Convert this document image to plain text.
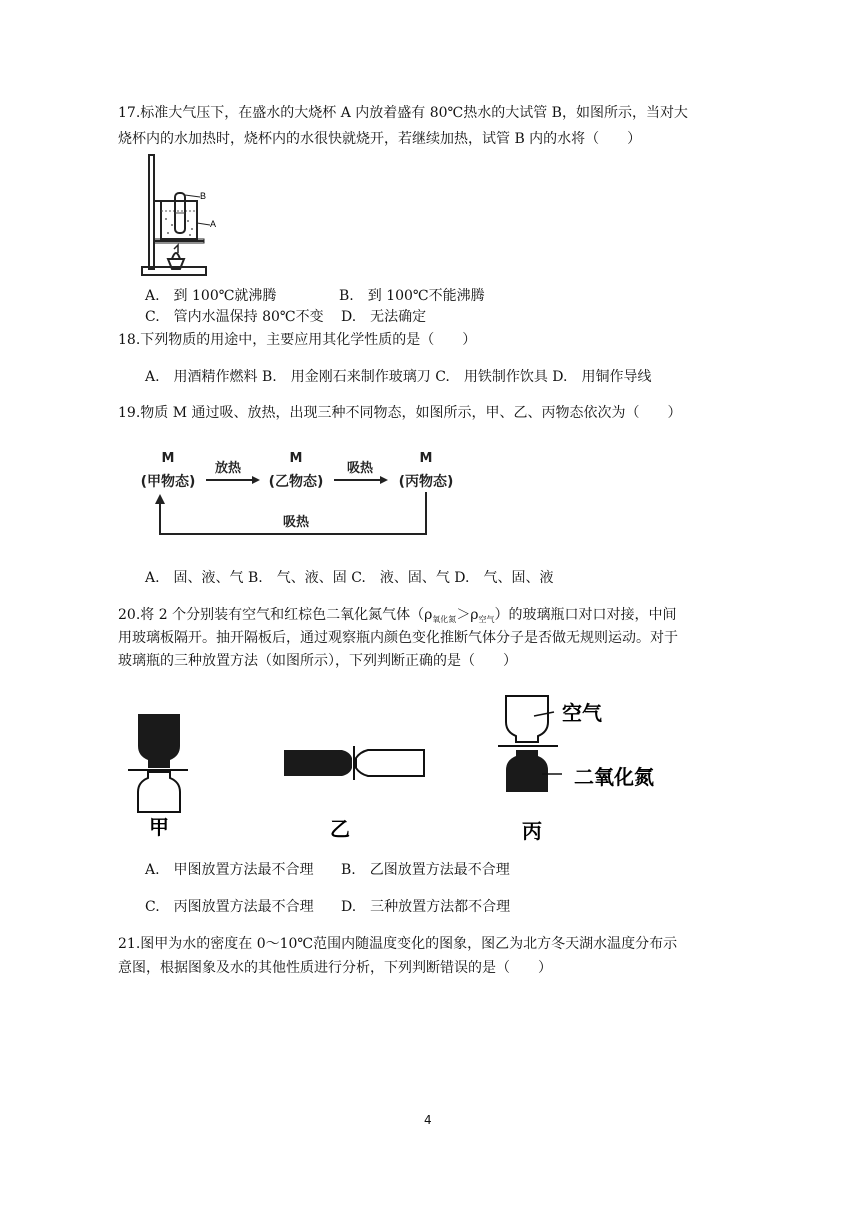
17.标准大气压下，在盛水的大烧杯 A 内放着盛有 80℃热水的大试管 B，如图所示，当对大
烧杯内的水加热时，烧杯内的水很快就烧开，若继续加热，试管 B 内的水将（　　）
B
A
A.　到 100℃就沸腾	B.　到 100℃不能沸腾
C.　管内水温保持 80℃不变 D.　无法确定
18.下列物质的用途中，主要应用其化学性质的是（　　）
A.　用酒精作燃料 B.　用金刚石来制作玻璃刀 C.　用铁制作饮具 D.　用铜作导线
19.物质 M 通过吸、放热，出现三种不同物态，如图所示，甲、乙、丙物态依次为（　　）
M	M	M
(甲物态)	(乙物态)	(丙物态)
放热	吸热
吸热
A.　固、液、气 B.　气、液、固 C.　液、固、气 D.　气、固、液
20.将 2 个分别装有空气和红棕色二氧化氮气体$(\rho_{氧化氮}>\rho_{空气})$的玻璃瓶口对口对接，中间
用玻璃板隔开。抽开隔板后，通过观察瓶内颜色变化推断气体分子是否做无规则运动。对于
玻璃瓶的三种放置方法（如图所示），下列判断正确的是（　　）
甲	乙
空气
二氧化氮
丙
A.　甲图放置方法最不合理 B.　乙图放置方法最不合理
C.　丙图放置方法最不合理 D.　三种放置方法都不合理
21.图甲为水的密度在 0～10℃范围内随温度变化的图象，图乙为北方冬天湖水温度分布示
意图，根据图象及水的其他性质进行分析，下列判断错误的是（　　）
4
